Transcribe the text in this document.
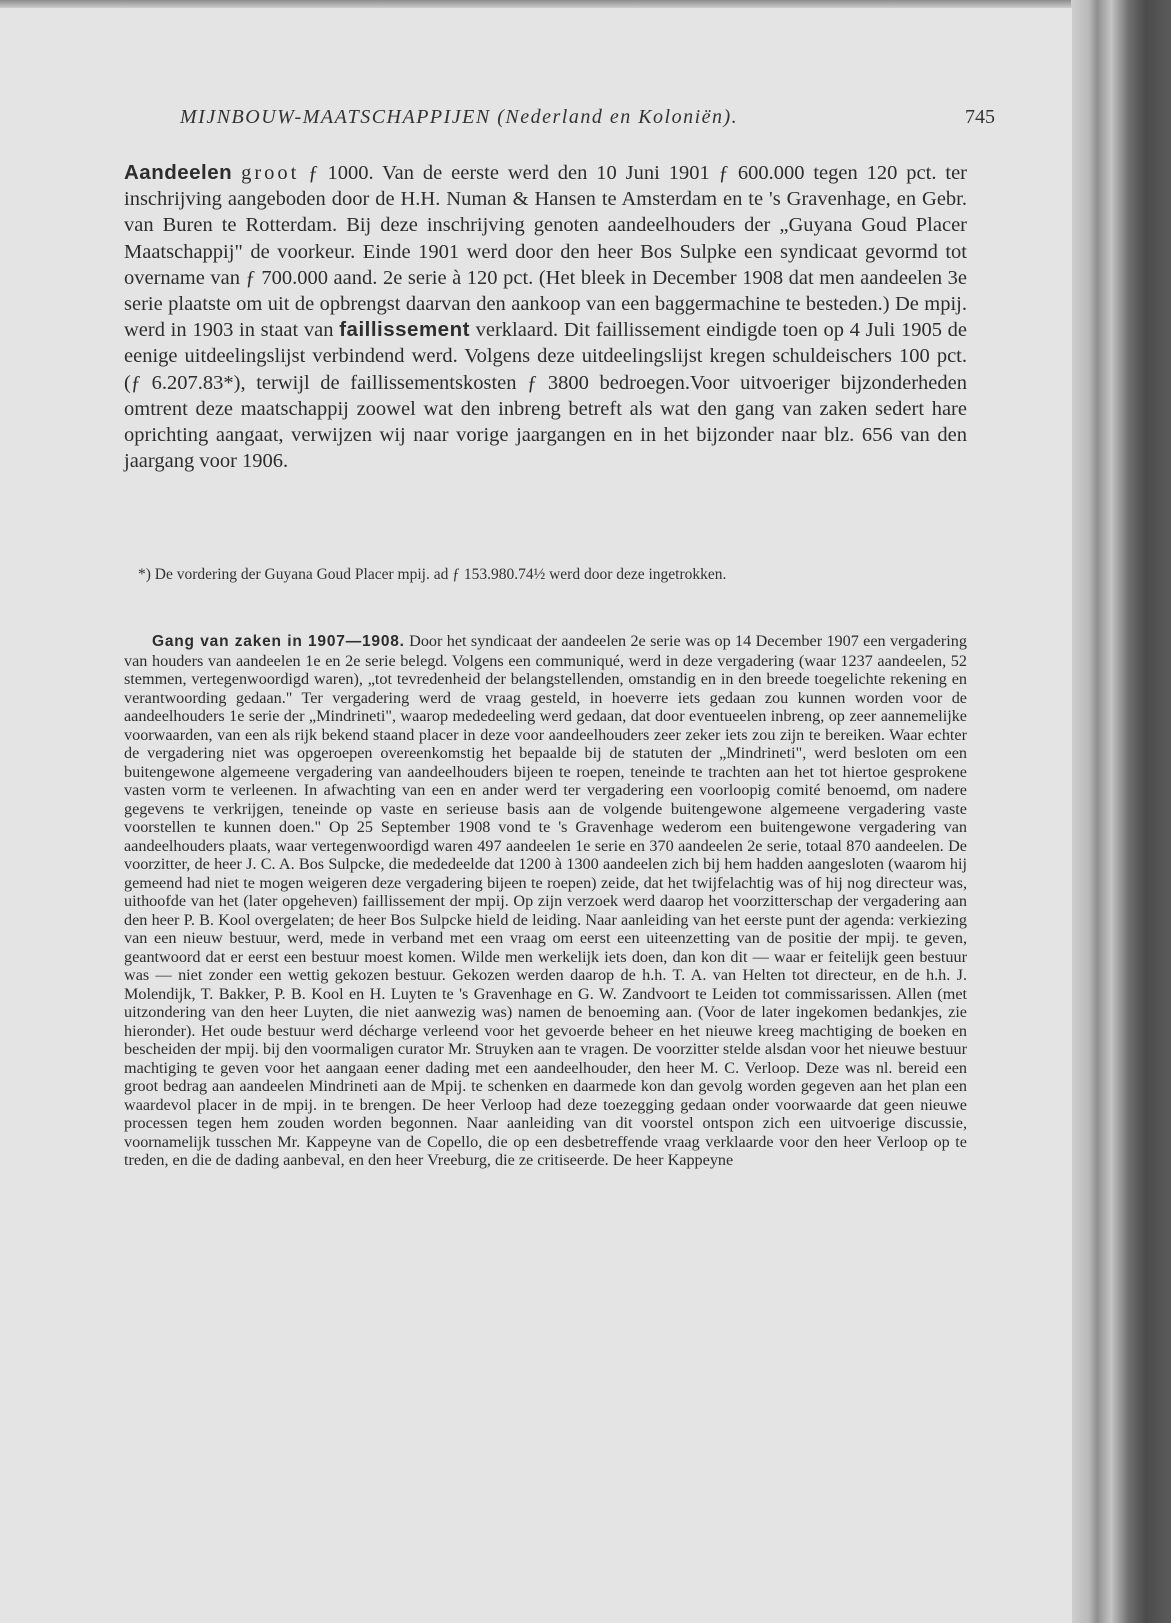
MIJNBOUW-MAATSCHAPPIJEN (Nederland en Koloniën).	745
Aandeelen groot ƒ 1000. Van de eerste werd den 10 Juni 1901 ƒ 600.000 tegen 120 pct. ter inschrijving aangeboden door de H.H. Numan & Hansen te Amsterdam en te 's Gravenhage, en Gebr. van Buren te Rotterdam. Bij deze inschrijving genoten aandeelhouders der „Guyana Goud Placer Maatschappij" de voorkeur. Einde 1901 werd door den heer Bos Sulpke een syndicaat gevormd tot overname van ƒ 700.000 aand. 2e serie à 120 pct. (Het bleek in December 1908 dat men aandeelen 3e serie plaatste om uit de opbrengst daarvan den aankoop van een baggermachine te besteden.) De mpij. werd in 1903 in staat van faillissement verklaard. Dit faillissement eindigde toen op 4 Juli 1905 de eenige uitdeelingslijst verbindend werd. Volgens deze uitdeelingslijst kregen schuldeischers 100 pct. (ƒ 6.207.83*), terwijl de faillissementskosten ƒ 3800 bedroegen.Voor uitvoeriger bijzonderheden omtrent deze maatschappij zoowel wat den inbreng betreft als wat den gang van zaken sedert hare oprichting aangaat, verwijzen wij naar vorige jaargangen en in het bijzonder naar blz. 656 van den jaargang voor 1906.
*) De vordering der Guyana Goud Placer mpij. ad ƒ 153.980.74½ werd door deze ingetrokken.
Gang van zaken in 1907—1908. Door het syndicaat der aandeelen 2e serie was op 14 December 1907 een vergadering van houders van aandeelen 1e en 2e serie belegd. Volgens een communiqué, werd in deze vergadering (waar 1237 aandeelen, 52 stemmen, vertegenwoordigd waren), „tot tevredenheid der belangstellenden, omstandig en in den breede toegelichte rekening en verantwoording gedaan." Ter vergadering werd de vraag gesteld, in hoeverre iets gedaan zou kunnen worden voor de aandeelhouders 1e serie der „Mindrineti", waarop mededeeling werd gedaan, dat door eventueelen inbreng, op zeer aannemelijke voorwaarden, van een als rijk bekend staand placer in deze voor aandeelhouders zeer zeker iets zou zijn te bereiken. Waar echter de vergadering niet was opgeroepen overeenkomstig het bepaalde bij de statuten der „Mindrineti", werd besloten om een buitengewone algemeene vergadering van aandeelhouders bijeen te roepen, teneinde te trachten aan het tot hiertoe gesprokene vasten vorm te verleenen. In afwachting van een en ander werd ter vergadering een voorloopig comité benoemd, om nadere gegevens te verkrijgen, teneinde op vaste en serieuse basis aan de volgende buitengewone algemeene vergadering vaste voorstellen te kunnen doen." Op 25 September 1908 vond te 's Gravenhage wederom een buitengewone vergadering van aandeelhouders plaats, waar vertegenwoordigd waren 497 aandeelen 1e serie en 370 aandeelen 2e serie, totaal 870 aandeelen. De voorzitter, de heer J. C. A. Bos Sulpcke, die mededeelde dat 1200 à 1300 aandeelen zich bij hem hadden aangesloten (waarom hij gemeend had niet te mogen weigeren deze vergadering bijeen te roepen) zeide, dat het twijfelachtig was of hij nog directeur was, uithoofde van het (later opgeheven) faillissement der mpij. Op zijn verzoek werd daarop het voorzitterschap der vergadering aan den heer P. B. Kool overgelaten; de heer Bos Sulpcke hield de leiding. Naar aanleiding van het eerste punt der agenda: verkiezing van een nieuw bestuur, werd, mede in verband met een vraag om eerst een uiteenzetting van de positie der mpij. te geven, geantwoord dat er eerst een bestuur moest komen. Wilde men werkelijk iets doen, dan kon dit — waar er feitelijk geen bestuur was — niet zonder een wettig gekozen bestuur. Gekozen werden daarop de h.h. T. A. van Helten tot directeur, en de h.h. J. Molendijk, T. Bakker, P. B. Kool en H. Luyten te 's Gravenhage en G. W. Zandvoort te Leiden tot commissarissen. Allen (met uitzondering van den heer Luyten, die niet aanwezig was) namen de benoeming aan. (Voor de later ingekomen bedankjes, zie hieronder). Het oude bestuur werd décharge verleend voor het gevoerde beheer en het nieuwe kreeg machtiging de boeken en bescheiden der mpij. bij den voormaligen curator Mr. Struyken aan te vragen. De voorzitter stelde alsdan voor het nieuwe bestuur machtiging te geven voor het aangaan eener dading met een aandeelhouder, den heer M. C. Verloop. Deze was nl. bereid een groot bedrag aan aandeelen Mindrineti aan de Mpij. te schenken en daarmede kon dan gevolg worden gegeven aan het plan een waardevol placer in de mpij. in te brengen. De heer Verloop had deze toezegging gedaan onder voorwaarde dat geen nieuwe processen tegen hem zouden worden begonnen. Naar aanleiding van dit voorstel ontspon zich een uitvoerige discussie, voornamelijk tusschen Mr. Kappeyne van de Copello, die op een desbetreffende vraag verklaarde voor den heer Verloop op te treden, en die de dading aanbeval, en den heer Vreeburg, die ze critiseerde. De heer Kappeyne
